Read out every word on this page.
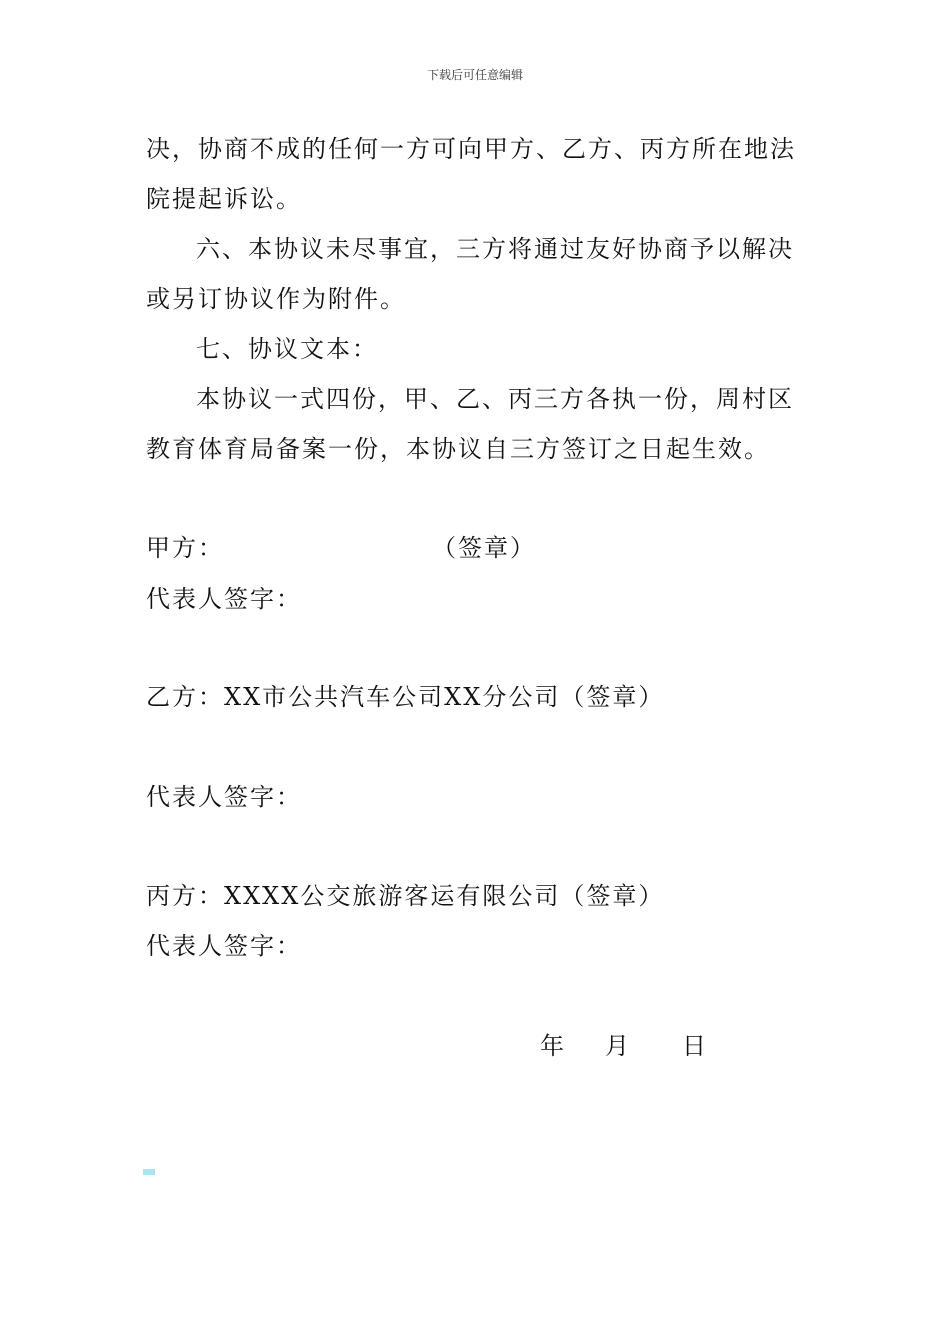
下载后可任意编辑
决，协商不成的任何一方可向甲方、乙方、丙方所在地法
院提起诉讼。
六、本协议未尽事宜，三方将通过友好协商予以解决
或另订协议作为附件。
七、协议文本：
本协议一式四份，甲、乙、丙三方各执一份，周村区
教育体育局备案一份，本协议自三方签订之日起生效。
甲方：	（签章）
代表人签字：
乙方：XX市公共汽车公司XX分公司（签章）
代表人签字：
丙方：XXXX公交旅游客运有限公司（签章）
代表人签字：
年 月 日
